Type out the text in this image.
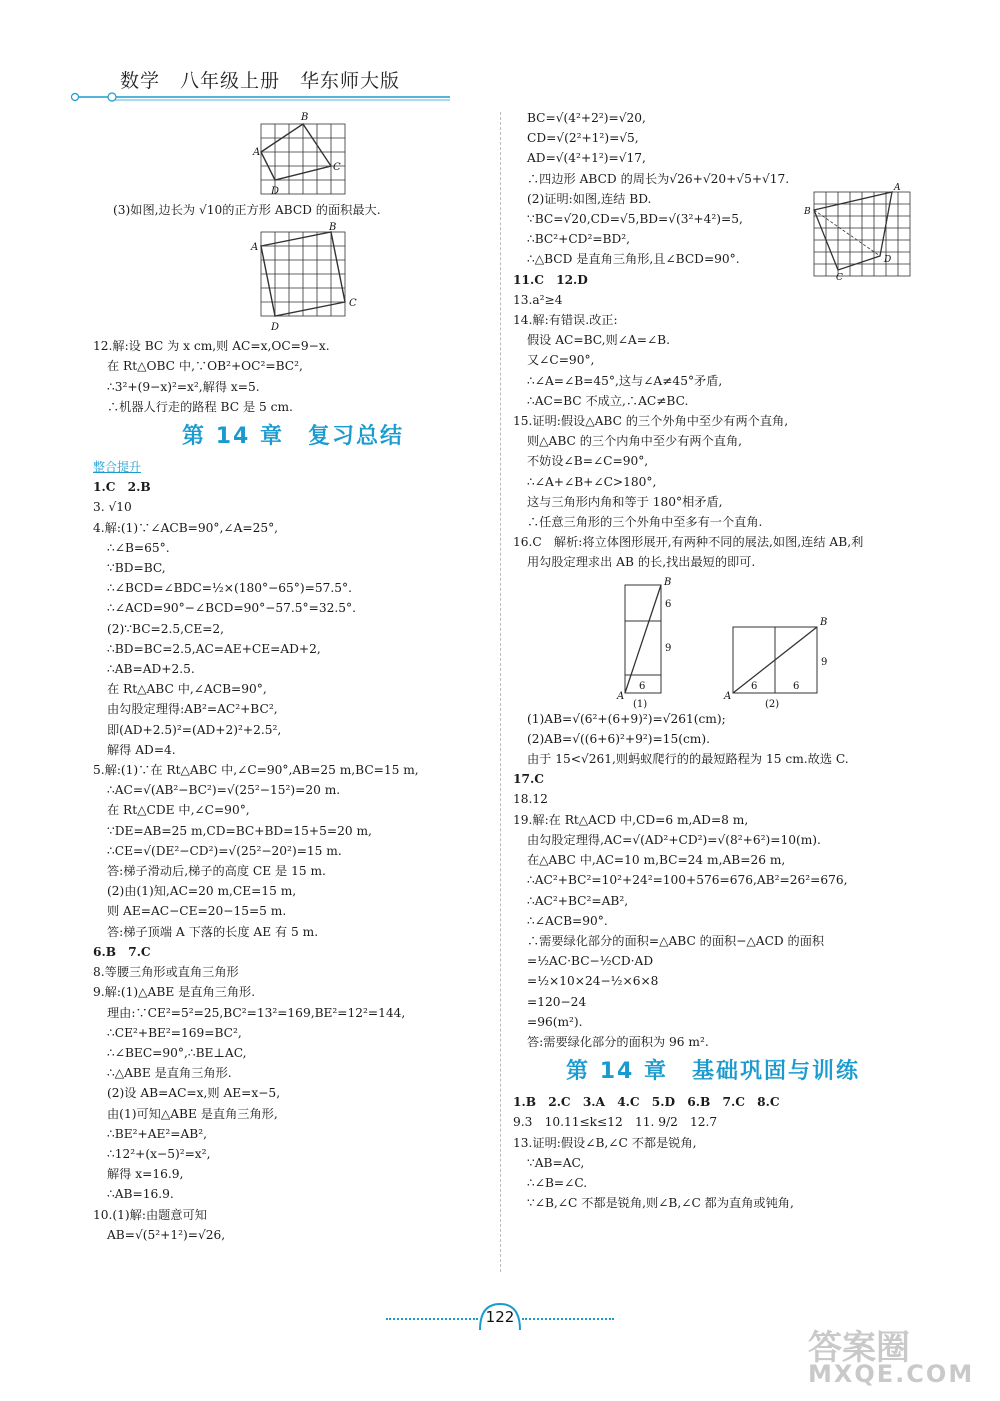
数学　八年级上册　华东师大版
B
A
C
D
(3)如图,边长为 √10的正方形 ABCD 的面积最大.
B
A
C
D
12.解:设 BC 为 x cm,则 AC=x,OC=9−x.
在 Rt△OBC 中,∵OB²+OC²=BC²,
∴3²+(9−x)²=x²,解得 x=5.
∴机器人行走的路程 BC 是 5 cm.
第 14 章　复习总结
整合提升
1.C　2.B
3. √10
4.解:(1)∵∠ACB=90°,∠A=25°,
∴∠B=65°.
∵BD=BC,
∴∠BCD=∠BDC=½×(180°−65°)=57.5°.
∴∠ACD=90°−∠BCD=90°−57.5°=32.5°.
(2)∵BC=2.5,CE=2,
∴BD=BC=2.5,AC=AE+CE=AD+2,
∴AB=AD+2.5.
在 Rt△ABC 中,∠ACB=90°,
由勾股定理得:AB²=AC²+BC²,
即(AD+2.5)²=(AD+2)²+2.5²,
解得 AD=4.
5.解:(1)∵在 Rt△ABC 中,∠C=90°,AB=25 m,BC=15 m,
∴AC=√(AB²−BC²)=√(25²−15²)=20 m.
在 Rt△CDE 中,∠C=90°,
∵DE=AB=25 m,CD=BC+BD=15+5=20 m,
∴CE=√(DE²−CD²)=√(25²−20²)=15 m.
答:梯子滑动后,梯子的高度 CE 是 15 m.
(2)由(1)知,AC=20 m,CE=15 m,
则 AE=AC−CE=20−15=5 m.
答:梯子顶端 A 下落的长度 AE 有 5 m.
6.B　7.C
8.等腰三角形或直角三角形
9.解:(1)△ABE 是直角三角形.
理由:∵CE²=5²=25,BC²=13²=169,BE²=12²=144,
∴CE²+BE²=169=BC²,
∴∠BEC=90°,∴BE⊥AC,
∴△ABE 是直角三角形.
(2)设 AB=AC=x,则 AE=x−5,
由(1)可知△ABE 是直角三角形,
∴BE²+AE²=AB²,
∴12²+(x−5)²=x²,
解得 x=16.9,
∴AB=16.9.
10.(1)解:由题意可知
AB=√(5²+1²)=√26,
BC=√(4²+2²)=√20,
CD=√(2²+1²)=√5,
AD=√(4²+1²)=√17,
∴四边形 ABCD 的周长为√26+√20+√5+√17.
(2)证明:如图,连结 BD.
∵BC=√20,CD=√5,BD=√(3²+4²)=5,
∴BC²+CD²=BD²,
∴△BCD 是直角三角形,且∠BCD=90°.
11.C　12.D
13.a²≥4
14.解:有错误.改正:
假设 AC=BC,则∠A=∠B.
又∠C=90°,
∴∠A=∠B=45°,这与∠A≠45°矛盾,
∴AC=BC 不成立,∴AC≠BC.
15.证明:假设△ABC 的三个外角中至少有两个直角,
则△ABC 的三个内角中至少有两个直角,
不妨设∠B=∠C=90°,
∴∠A+∠B+∠C>180°,
这与三角形内角和等于 180°相矛盾,
∴任意三角形的三个外角中至多有一个直角.
16.C　解析:将立体图形展开,有两种不同的展法,如图,连结 AB,利
用勾股定理求出 AB 的长,找出最短的即可.
A
B
6
9
6
(1)
A
B
9
6	6
(2)
(1)AB=√(6²+(6+9)²)=√261(cm);
(2)AB=√((6+6)²+9²)=15(cm).
由于 15<√261,则蚂蚁爬行的的最短路程为 15 cm.故选 C.
17.C
18.12
19.解:在 Rt△ACD 中,CD=6 m,AD=8 m,
由勾股定理得,AC=√(AD²+CD²)=√(8²+6²)=10(m).
在△ABC 中,AC=10 m,BC=24 m,AB=26 m,
∴AC²+BC²=10²+24²=100+576=676,AB²=26²=676,
∴AC²+BC²=AB²,
∴∠ACB=90°.
∴需要绿化部分的面积=△ABC 的面积−△ACD 的面积
=½AC·BC−½CD·AD
=½×10×24−½×6×8
=120−24
=96(m²).
答:需要绿化部分的面积为 96 m².
第 14 章　基础巩固与训练
1.B　2.C　3.A　4.C　5.D　6.B　7.C　8.C
9.3　10.11≤k≤12　11. 9/2　12.7
13.证明:假设∠B,∠C 不都是锐角,
∵AB=AC,
∴∠B=∠C.
∵∠B,∠C 不都是锐角,则∠B,∠C 都为直角或钝角,
A
B
C
D
122
答案圈
MXQE.COM
